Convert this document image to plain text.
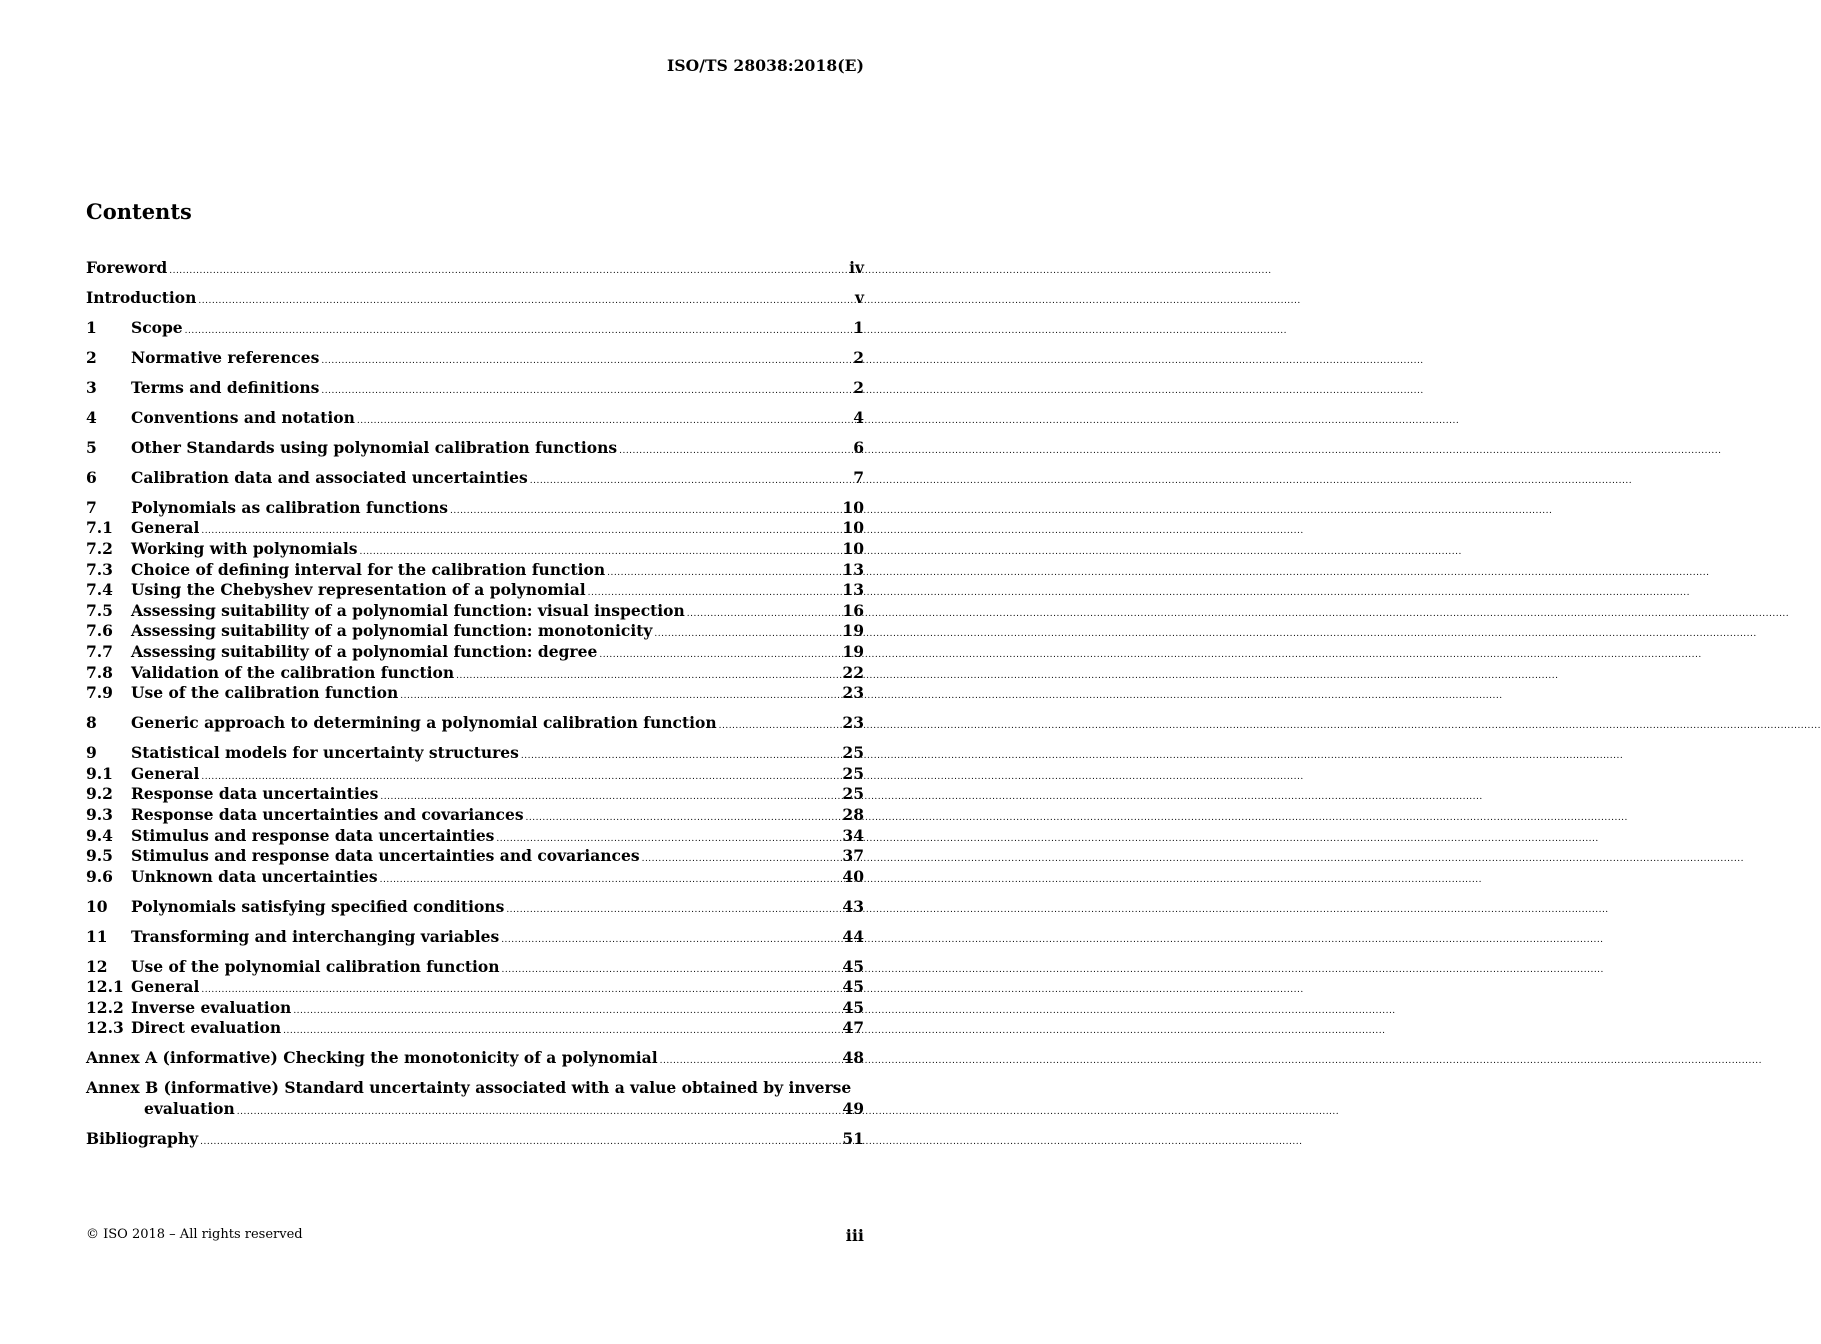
ISO/TS 28038:2018(E)
Contents
Foreword .....	iv
Introduction .....	v
1	Scope .....	1
2	Normative references .....	2
3	Terms and definitions .....	2
4	Conventions and notation .....	4
5	Other Standards using polynomial calibration functions .....	6
6	Calibration data and associated uncertainties .....	7
7	Polynomials as calibration functions .....	10
7.1	General .....	10
7.2	Working with polynomials .....	10
7.3	Choice of defining interval for the calibration function .....	13
7.4	Using the Chebyshev representation of a polynomial .....	13
7.5	Assessing suitability of a polynomial function: visual inspection .....	16
7.6	Assessing suitability of a polynomial function: monotonicity .....	19
7.7	Assessing suitability of a polynomial function: degree .....	19
7.8	Validation of the calibration function .....	22
7.9	Use of the calibration function .....	23
8	Generic approach to determining a polynomial calibration function .....	23
9	Statistical models for uncertainty structures .....	25
9.1	General .....	25
9.2	Response data uncertainties .....	25
9.3	Response data uncertainties and covariances .....	28
9.4	Stimulus and response data uncertainties .....	34
9.5	Stimulus and response data uncertainties and covariances .....	37
9.6	Unknown data uncertainties .....	40
10	Polynomials satisfying specified conditions .....	43
11	Transforming and interchanging variables .....	44
12	Use of the polynomial calibration function .....	45
12.1 General .....	45
12.2 Inverse evaluation .....	45
12.3 Direct evaluation .....	47
Annex A (informative) Checking the monotonicity of a polynomial .....	48
Annex B (informative) Standard uncertainty associated with a value obtained by inverse
evaluation .....	49
Bibliography .....	51
© ISO 2018 – All rights reserved	iii
